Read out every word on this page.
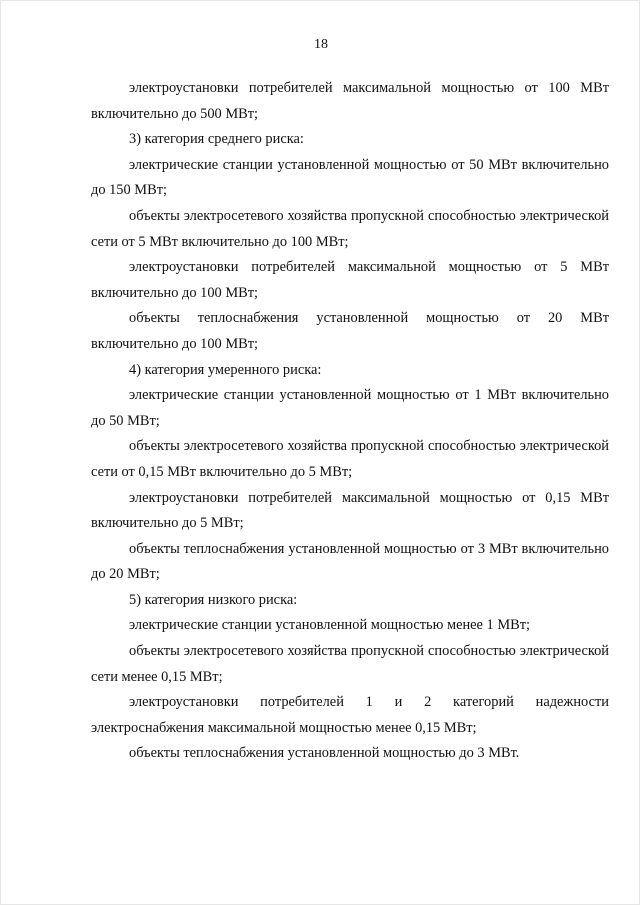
18

электроустановки потребителей максимальной мощностью от 100 МВт включительно до 500 МВт;

3) категория среднего риска:

электрические станции установленной мощностью от 50 МВт включительно до 150 МВт;

объекты электросетевого хозяйства пропускной способностью электрической сети от 5 МВт включительно до 100 МВт;

электроустановки потребителей максимальной мощностью от 5 МВт включительно до 100 МВт;

объекты теплоснабжения установленной мощностью от 20 МВт включительно до 100 МВт;

4) категория умеренного риска:

электрические станции установленной мощностью от 1 МВт включительно до 50 МВт;

объекты электросетевого хозяйства пропускной способностью электрической сети от 0,15 МВт включительно до 5 МВт;

электроустановки потребителей максимальной мощностью от 0,15 МВт включительно до 5 МВт;

объекты теплоснабжения установленной мощностью от 3 МВт включительно до 20 МВт;

5) категория низкого риска:

электрические станции установленной мощностью менее 1 МВт;

объекты электросетевого хозяйства пропускной способностью электрической сети менее 0,15 МВт;

электроустановки потребителей 1 и 2 категорий надежности электроснабжения максимальной мощностью менее 0,15 МВт;

объекты теплоснабжения установленной мощностью до 3 МВт.
